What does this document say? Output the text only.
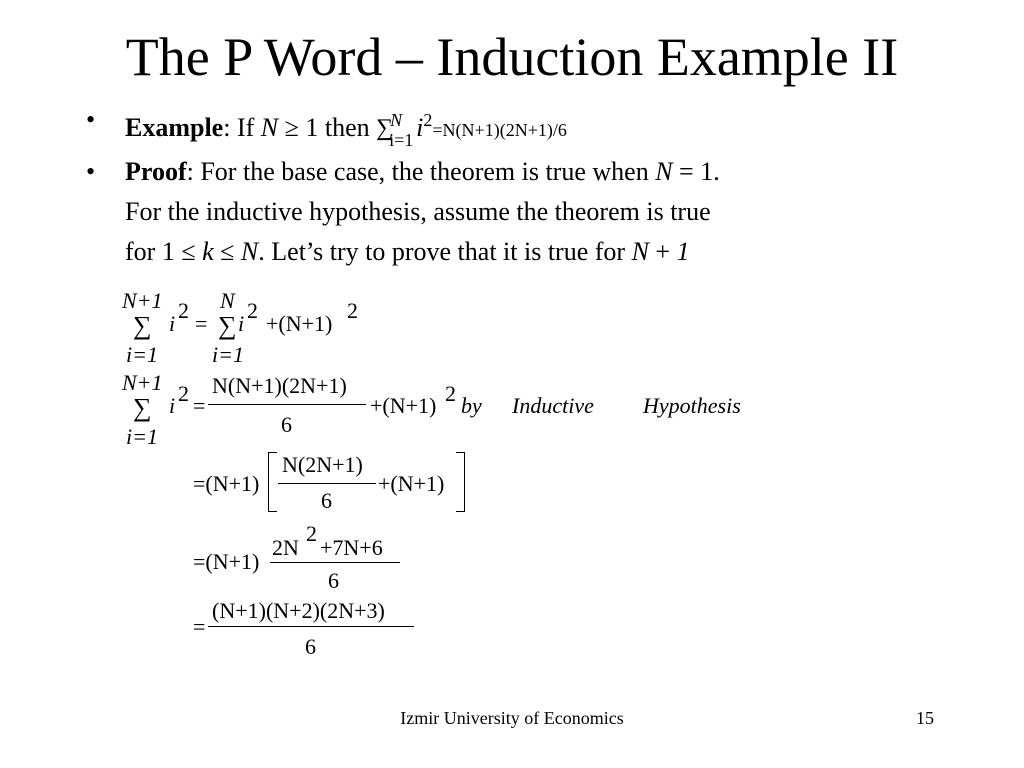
The P Word – Induction Example II
• Example: If N ≥ 1 then ∑
N
i=1 $i^2=N(N+1)(2N+1)/6$
• Proof: For the base case, the theorem is true when N = 1.
For the inductive hypothesis, assume the theorem is true
for 1 ≤ k ≤ N. Let’s try to prove that it is true for N + 1
N+1
∑
i=1
i
2
=
N
∑
i=1
i
2
+(N+1)
2
N+1
∑
i=1
i 2 =
N(N+1)(2N+1)
6
+(N+1) 2 by Inductive Hypothesis
=(N+1)
N(2N+1)
6
+(N+1)
=(N+1)
2N
2
+7N+6
6
=
(N+1)(N+2)(2N+3)
6
Izmir University of Economics	15
